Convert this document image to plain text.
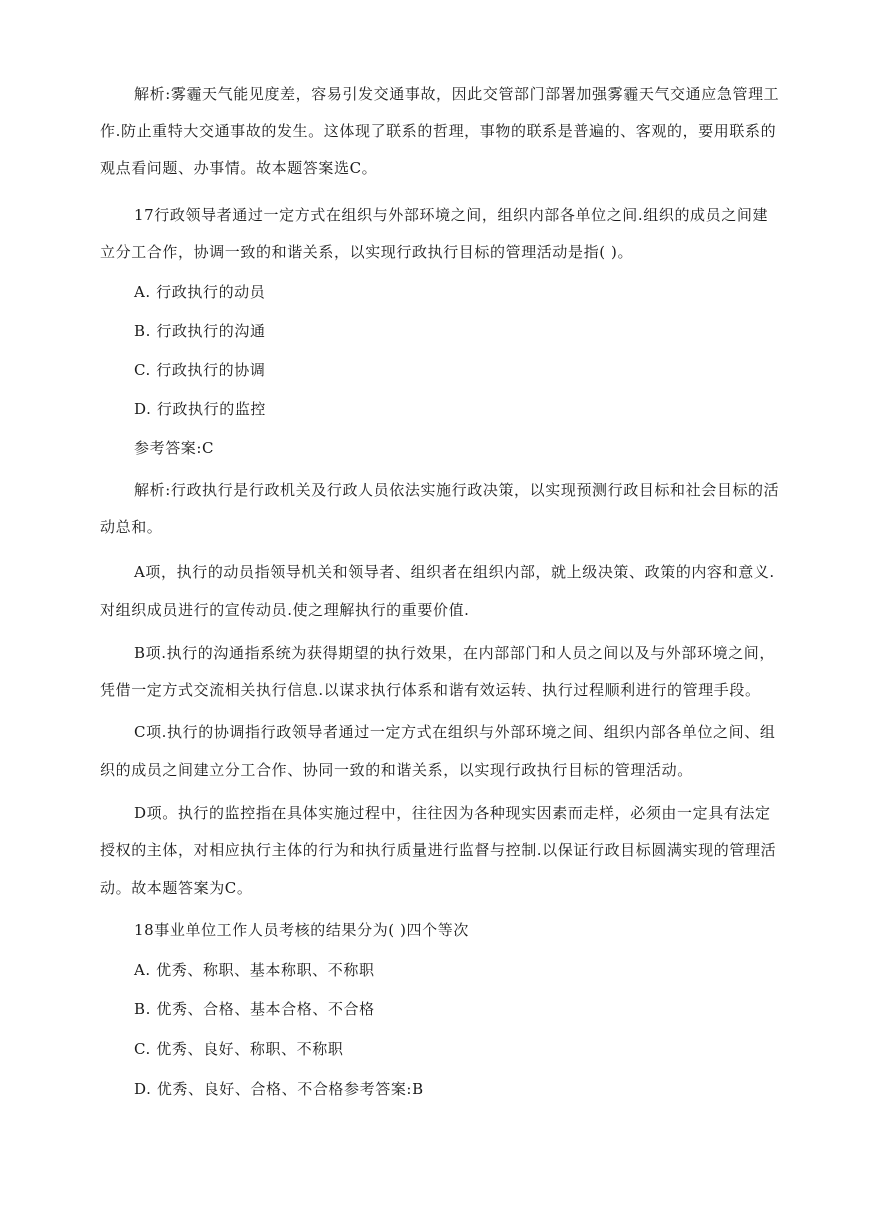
解析:雾霾天气能见度差，容易引发交通事故，因此交管部门部署加强雾霾天气交通应急管理工
作.防止重特大交通事故的发生。这体现了联系的哲理，事物的联系是普遍的、客观的，要用联系的
观点看问题、办事情。故本题答案选C。
17行政领导者通过一定方式在组织与外部环境之间，组织内部各单位之间.组织的成员之间建
立分工合作，协调一致的和谐关系，以实现行政执行目标的管理活动是指( )。
A. 行政执行的动员
B. 行政执行的沟通
C. 行政执行的协调
D. 行政执行的监控
参考答案:C
解析:行政执行是行政机关及行政人员依法实施行政决策，以实现预测行政目标和社会目标的活
动总和。
A项，执行的动员指领导机关和领导者、组织者在组织内部，就上级决策、政策的内容和意义.
对组织成员进行的宣传动员.使之理解执行的重要价值.
B项.执行的沟通指系统为获得期望的执行效果，在内部部门和人员之间以及与外部环境之间，
凭借一定方式交流相关执行信息.以谋求执行体系和谐有效运转、执行过程顺利进行的管理手段。
C项.执行的协调指行政领导者通过一定方式在组织与外部环境之间、组织内部各单位之间、组
织的成员之间建立分工合作、协同一致的和谐关系，以实现行政执行目标的管理活动。
D项。执行的监控指在具体实施过程中，往往因为各种现实因素而走样，必须由一定具有法定
授权的主体，对相应执行主体的行为和执行质量进行监督与控制.以保证行政目标圆满实现的管理活
动。故本题答案为C。
18事业单位工作人员考核的结果分为( )四个等次
A. 优秀、称职、基本称职、不称职
B. 优秀、合格、基本合格、不合格
C. 优秀、良好、称职、不称职
D. 优秀、良好、合格、不合格参考答案:B
